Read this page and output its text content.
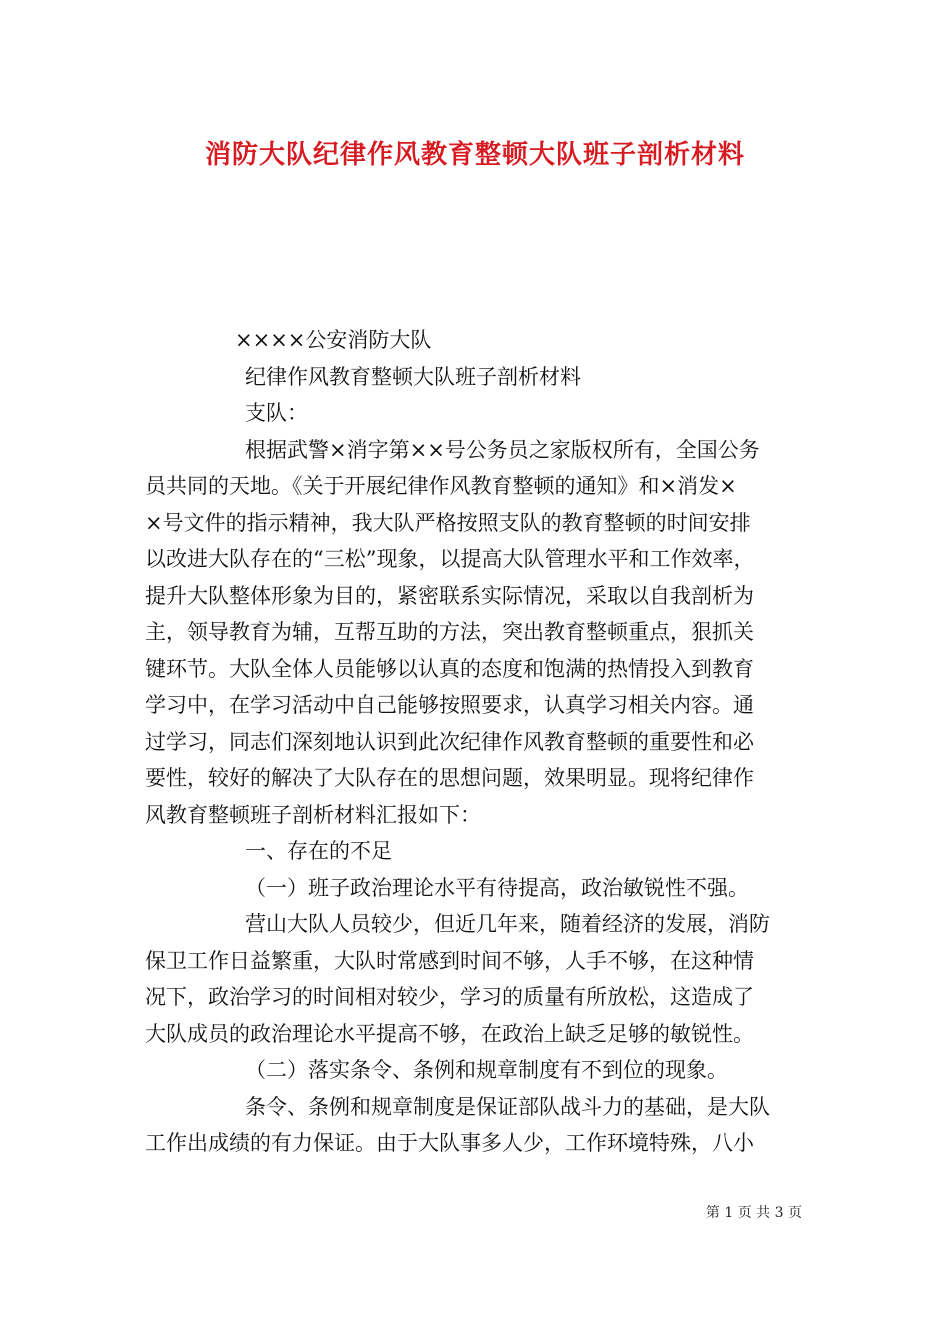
消防大队纪律作风教育整顿大队班子剖析材料
××××公安消防大队
纪律作风教育整顿大队班子剖析材料
支队：
根据武警×消字第××号公务员之家版权所有，全国公务
员共同的天地。《关于开展纪律作风教育整顿的通知》和×消发×
×号文件的指示精神，我大队严格按照支队的教育整顿的时间安排
以改进大队存在的“三松”现象，以提高大队管理水平和工作效率，
提升大队整体形象为目的，紧密联系实际情况，采取以自我剖析为
主，领导教育为辅，互帮互助的方法，突出教育整顿重点，狠抓关
键环节。大队全体人员能够以认真的态度和饱满的热情投入到教育
学习中，在学习活动中自己能够按照要求，认真学习相关内容。通
过学习，同志们深刻地认识到此次纪律作风教育整顿的重要性和必
要性，较好的解决了大队存在的思想问题，效果明显。现将纪律作
风教育整顿班子剖析材料汇报如下：
一、存在的不足
（一）班子政治理论水平有待提高，政治敏锐性不强。
营山大队人员较少，但近几年来，随着经济的发展，消防
保卫工作日益繁重，大队时常感到时间不够，人手不够，在这种情
况下，政治学习的时间相对较少，学习的质量有所放松，这造成了
大队成员的政治理论水平提高不够，在政治上缺乏足够的敏锐性。
（二）落实条令、条例和规章制度有不到位的现象。
条令、条例和规章制度是保证部队战斗力的基础，是大队
工作出成绩的有力保证。由于大队事多人少，工作环境特殊，八小
第 1 页 共 3 页
